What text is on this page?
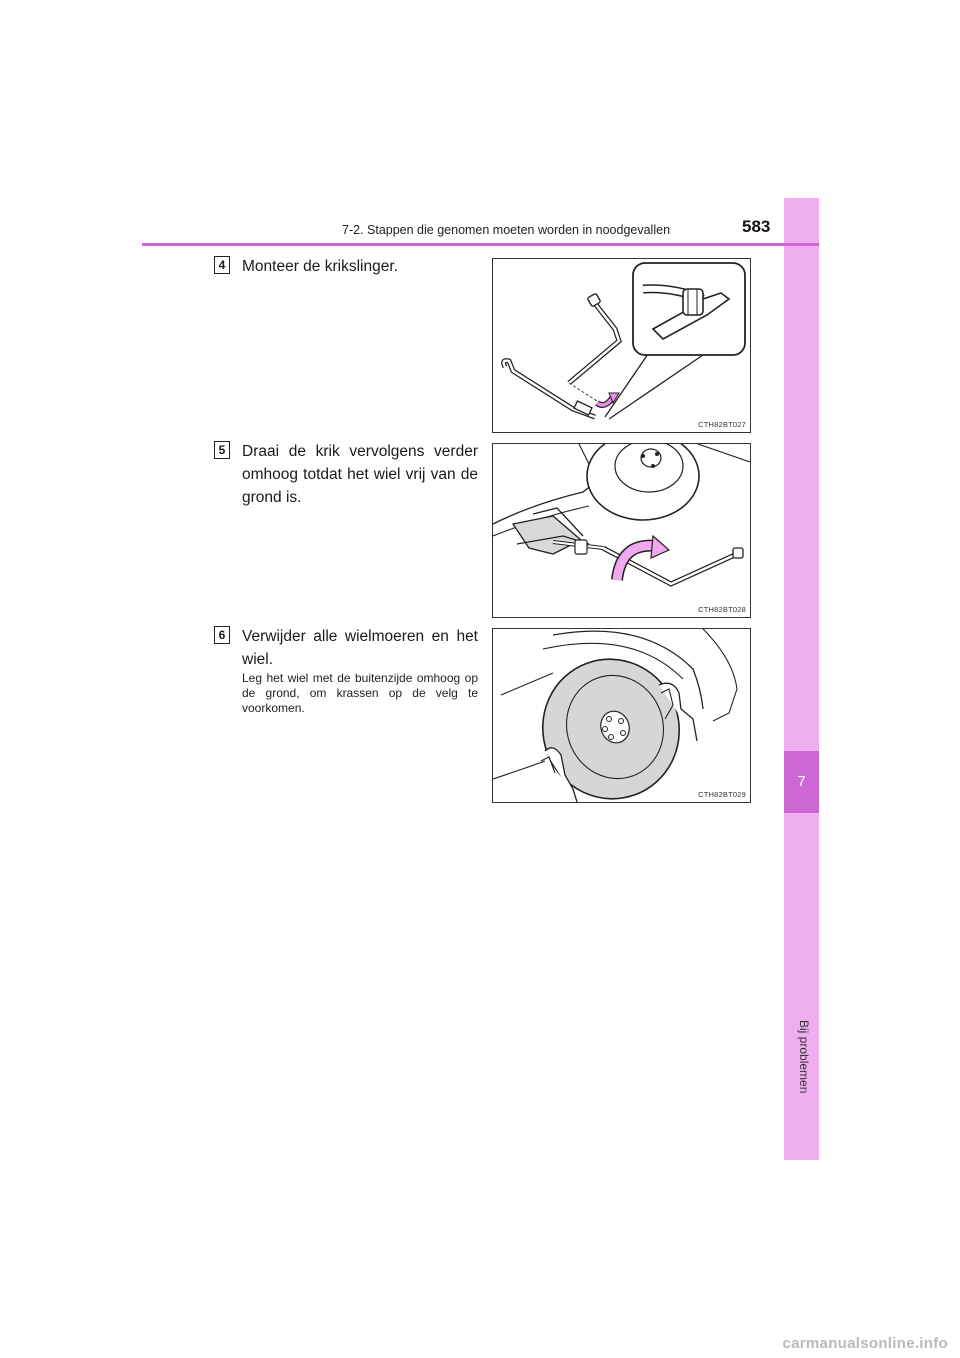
7
Bij problemen
7-2. Stappen die genomen moeten worden in noodgevallen	583
4	Monteer de krikslinger.
CTH82BT027
5	Draai de krik vervolgens verder omhoog totdat het wiel vrij van de grond is.
CTH82BT028
6	Verwijder alle wielmoeren en het wiel.
Leg het wiel met de buitenzijde omhoog op de grond, om krassen op de velg te voorkomen.
CTH82BT029
carmanualsonline.info
